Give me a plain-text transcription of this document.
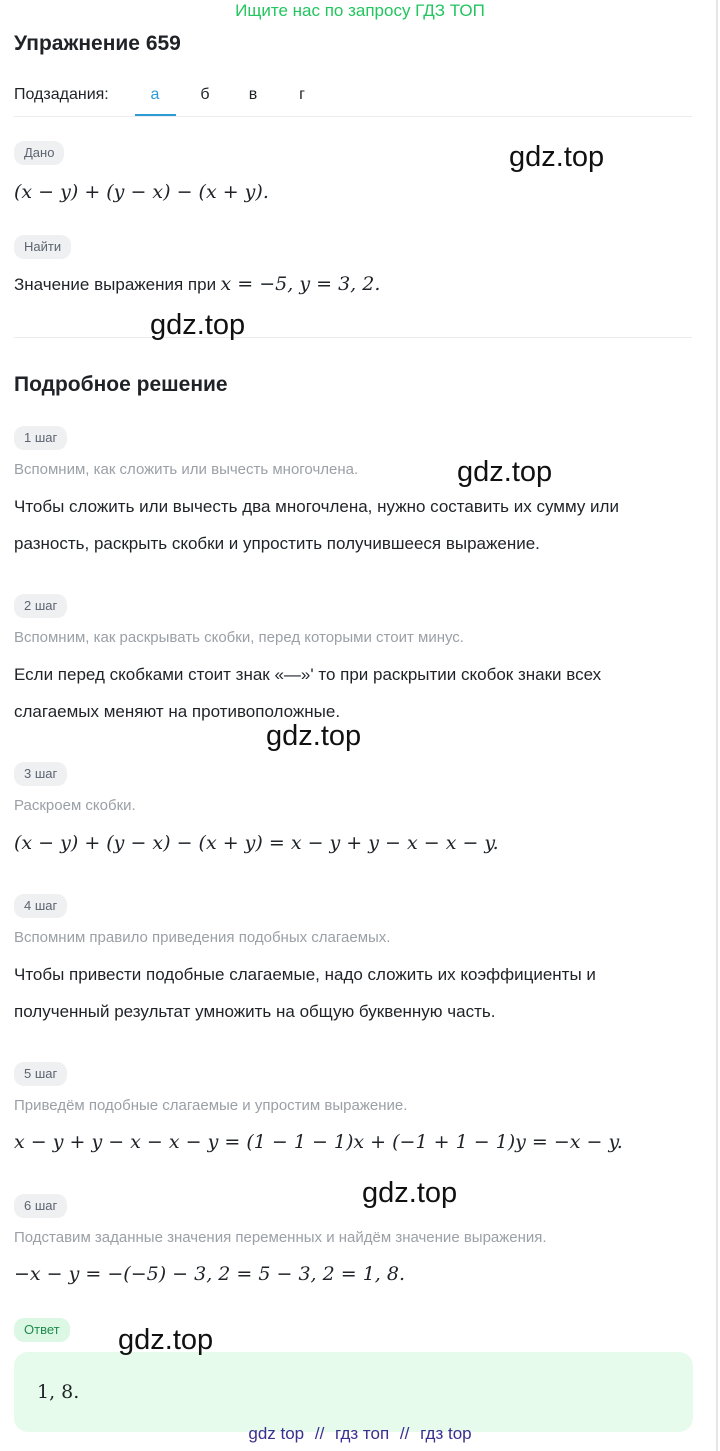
Ищите нас по запросу ГДЗ ТОП
Упражнение 659
Подзадания:	а	б	в	г
Дано
(x − y) + (y − x) − (x + y).
Найти
Значение выражения при x = −5, y = 3, 2.
Подробное решение
1 шаг
Вспомним, как сложить или вычесть многочлена.
Чтобы сложить или вычесть два многочлена, нужно составить их сумму или
разность, раскрыть скобки и упростить получившееся выражение.
2 шаг
Вспомним, как раскрывать скобки, перед которыми стоит минус.
Если перед скобками стоит знак «—»' то при раскрытии скобок знаки всех
слагаемых меняют на противоположные.
3 шаг
Раскроем скобки.
(x − y) + (y − x) − (x + y) = x − y + y − x − x − y.
4 шаг
Вспомним правило приведения подобных слагаемых.
Чтобы привести подобные слагаемые, надо сложить их коэффициенты и
полученный результат умножить на общую буквенную часть.
5 шаг
Приведём подобные слагаемые и упростим выражение.
x − y + y − x − x − y = (1 − 1 − 1)x + (−1 + 1 − 1)y = −x − y.
6 шаг
Подставим заданные значения переменных и найдём значение выражения.
−x − y = −(−5) − 3, 2 = 5 − 3, 2 = 1, 8.
Ответ
1, 8.
gdz.top
gdz.top
gdz.top
gdz.top
gdz.top
gdz.top
gdz top // гдз топ // гдз top
